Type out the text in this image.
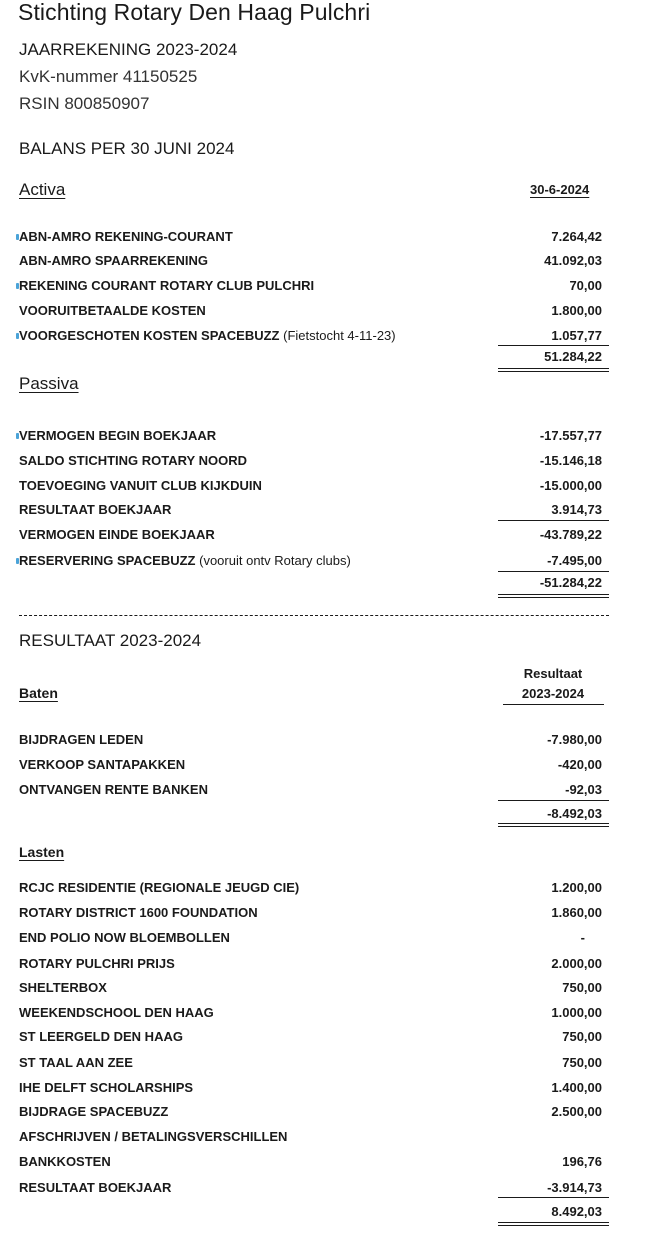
Stichting Rotary Den Haag Pulchri
JAARREKENING 2023-2024
KvK-nummer 41150525
RSIN 800850907
BALANS PER 30 JUNI 2024
Activa	30-6-2024
ABN-AMRO REKENING-COURANT	7.264,42
ABN-AMRO SPAARREKENING	41.092,03
REKENING COURANT ROTARY CLUB PULCHRI	70,00
VOORUITBETAALDE KOSTEN	1.800,00
VOORGESCHOTEN KOSTEN SPACEBUZZ (Fietstocht 4-11-23)	1.057,77
51.284,22
Passiva
VERMOGEN BEGIN BOEKJAAR	-17.557,77
SALDO STICHTING ROTARY NOORD	-15.146,18
TOEVOEGING VANUIT CLUB KIJKDUIN	-15.000,00
RESULTAAT BOEKJAAR	3.914,73
VERMOGEN EINDE BOEKJAAR	-43.789,22
RESERVERING SPACEBUZZ (vooruit ontv Rotary clubs)	-7.495,00
-51.284,22
RESULTAAT 2023-2024
Resultaat
2023-2024
Baten
BIJDRAGEN LEDEN	-7.980,00
VERKOOP SANTAPAKKEN	-420,00
ONTVANGEN RENTE BANKEN	-92,03
-8.492,03
Lasten
RCJC RESIDENTIE (REGIONALE JEUGD CIE)	1.200,00
ROTARY DISTRICT 1600 FOUNDATION	1.860,00
END POLIO NOW BLOEMBOLLEN	-
ROTARY PULCHRI PRIJS	2.000,00
SHELTERBOX	750,00
WEEKENDSCHOOL DEN HAAG	1.000,00
ST LEERGELD DEN HAAG	750,00
ST TAAL AAN ZEE	750,00
IHE DELFT SCHOLARSHIPS	1.400,00
BIJDRAGE SPACEBUZZ	2.500,00
AFSCHRIJVEN / BETALINGSVERSCHILLEN
BANKKOSTEN	196,76
RESULTAAT BOEKJAAR	-3.914,73
8.492,03
